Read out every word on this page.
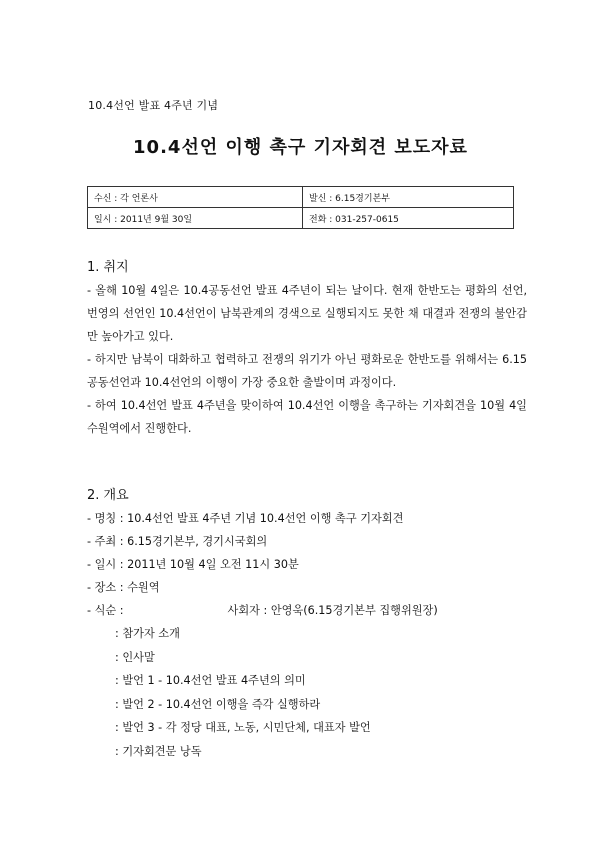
10.4선언 발표 4주년 기념
10.4선언 이행 촉구 기자회견 보도자료
수신 : 각 언론사	발신 : 6.15경기본부
일시 : 2011년 9월 30일	전화 : 031-257-0615
1. 취지

- 올해 10월 4일은 10.4공동선언 발표 4주년이 되는 날이다. 현재 한반도는 평화의 선언, 번영의 선언인 10.4선언이 남북관계의 경색으로 실행되지도 못한 채 대결과 전쟁의 불안감만 높아가고 있다.

- 하지만 남북이 대화하고 협력하고 전쟁의 위기가 아닌 평화로운 한반도를 위해서는 6.15공동선언과 10.4선언의 이행이 가장 중요한 출발이며 과정이다.

- 하여 10.4선언 발표 4주년을 맞이하여 10.4선언 이행을 촉구하는 기자회견을 10월 4일 수원역에서 진행한다.

2. 개요

- 명칭 : 10.4선언 발표 4주년 기념 10.4선언 이행 촉구 기자회견

- 주최 : 6.15경기본부, 경기시국회의

- 일시 : 2011년 10월 4일 오전 11시 30분

- 장소 : 수원역

- 식순 :	사회자 : 안영욱(6.15경기본부 집행위원장)

: 참가자 소개

: 인사말

: 발언 1 - 10.4선언 발표 4주년의 의미

: 발언 2 - 10.4선언 이행을 즉각 실행하라

: 발언 3 - 각 정당 대표, 노동, 시민단체, 대표자 발언

: 기자회견문 낭독
